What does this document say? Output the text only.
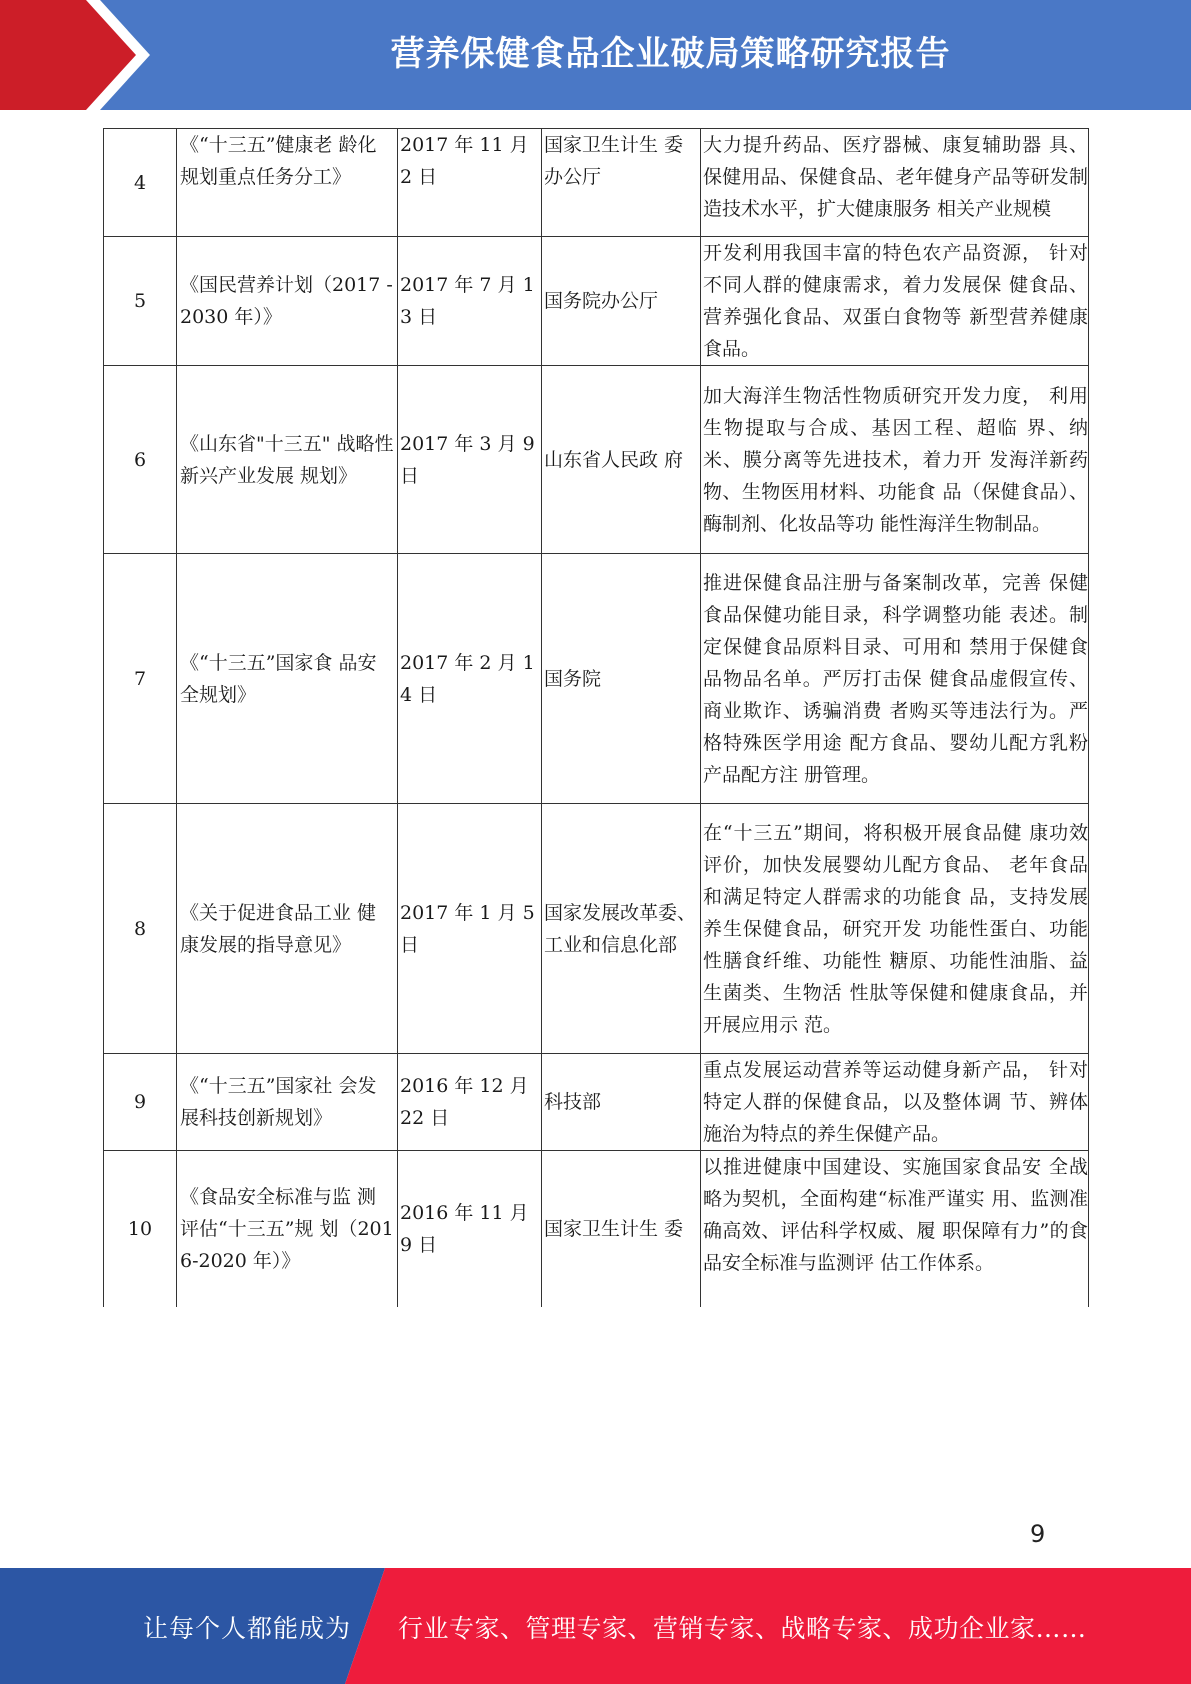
营养保健食品企业破局策略研究报告
4	《“十三五”健康老 龄化规划重点任务分工》	2017 年 11 月 2 日	国家卫生计生 委办公厅	大力提升药品、医疗器械、康复辅助器 具、保健用品、保健食品、老年健身产品等研发制造技术水平，扩大健康服务 相关产业规模

5	《国民营养计划（2017 -2030 年）》	2017 年 7 月 13 日	国务院办公厅	开发利用我国丰富的特色农产品资源， 针对不同人群的健康需求，着力发展保 健食品、营养强化食品、双蛋白食物等 新型营养健康食品。
6	《山东省"十三五" 战略性新兴产业发展 规划》	2017 年 3 月 9 日	山东省人民政 府	加大海洋生物活性物质研究开发力度， 利用生物提取与合成、基因工程、超临 界、纳米、膜分离等先进技术，着力开 发海洋新药物、生物医用材料、功能食 品（保健食品）、酶制剂、化妆品等功 能性海洋生物制品。
7	《“十三五”国家食 品安全规划》	2017 年 2 月 14 日	国务院	推进保健食品注册与备案制改革，完善 保健食品保健功能目录，科学调整功能 表述。制定保健食品原料目录、可用和 禁用于保健食品物品名单。严厉打击保 健食品虚假宣传、商业欺诈、诱骗消费 者购买等违法行为。严格特殊医学用途 配方食品、婴幼儿配方乳粉产品配方注 册管理。
8	《关于促进食品工业 健康发展的指导意见》	2017 年 1 月 5 日	国家发展改革委、工业和信息化部	在“十三五”期间，将积极开展食品健 康功效评价，加快发展婴幼儿配方食品、 老年食品和满足特定人群需求的功能食 品，支持发展养生保健食品，研究开发 功能性蛋白、功能性膳食纤维、功能性 糖原、功能性油脂、益生菌类、生物活 性肽等保健和健康食品，并开展应用示 范。
9	《“十三五”国家社 会发展科技创新规划》	2016 年 12 月 22 日	科技部	重点发展运动营养等运动健身新产品， 针对特定人群的保健食品，以及整体调 节、辨体施治为特点的养生保健产品。
10	《食品安全标准与监 测评估“十三五”规 划（2016-2020 年）》	2016 年 11 月 9 日	国家卫生计生 委	以推进健康中国建设、实施国家食品安 全战略为契机，全面构建“标准严谨实 用、监测准确高效、评估科学权威、履 职保障有力”的食品安全标准与监测评 估工作体系。
9
让每个人都能成为 行业专家、管理专家、营销专家、战略专家、成功企业家……
